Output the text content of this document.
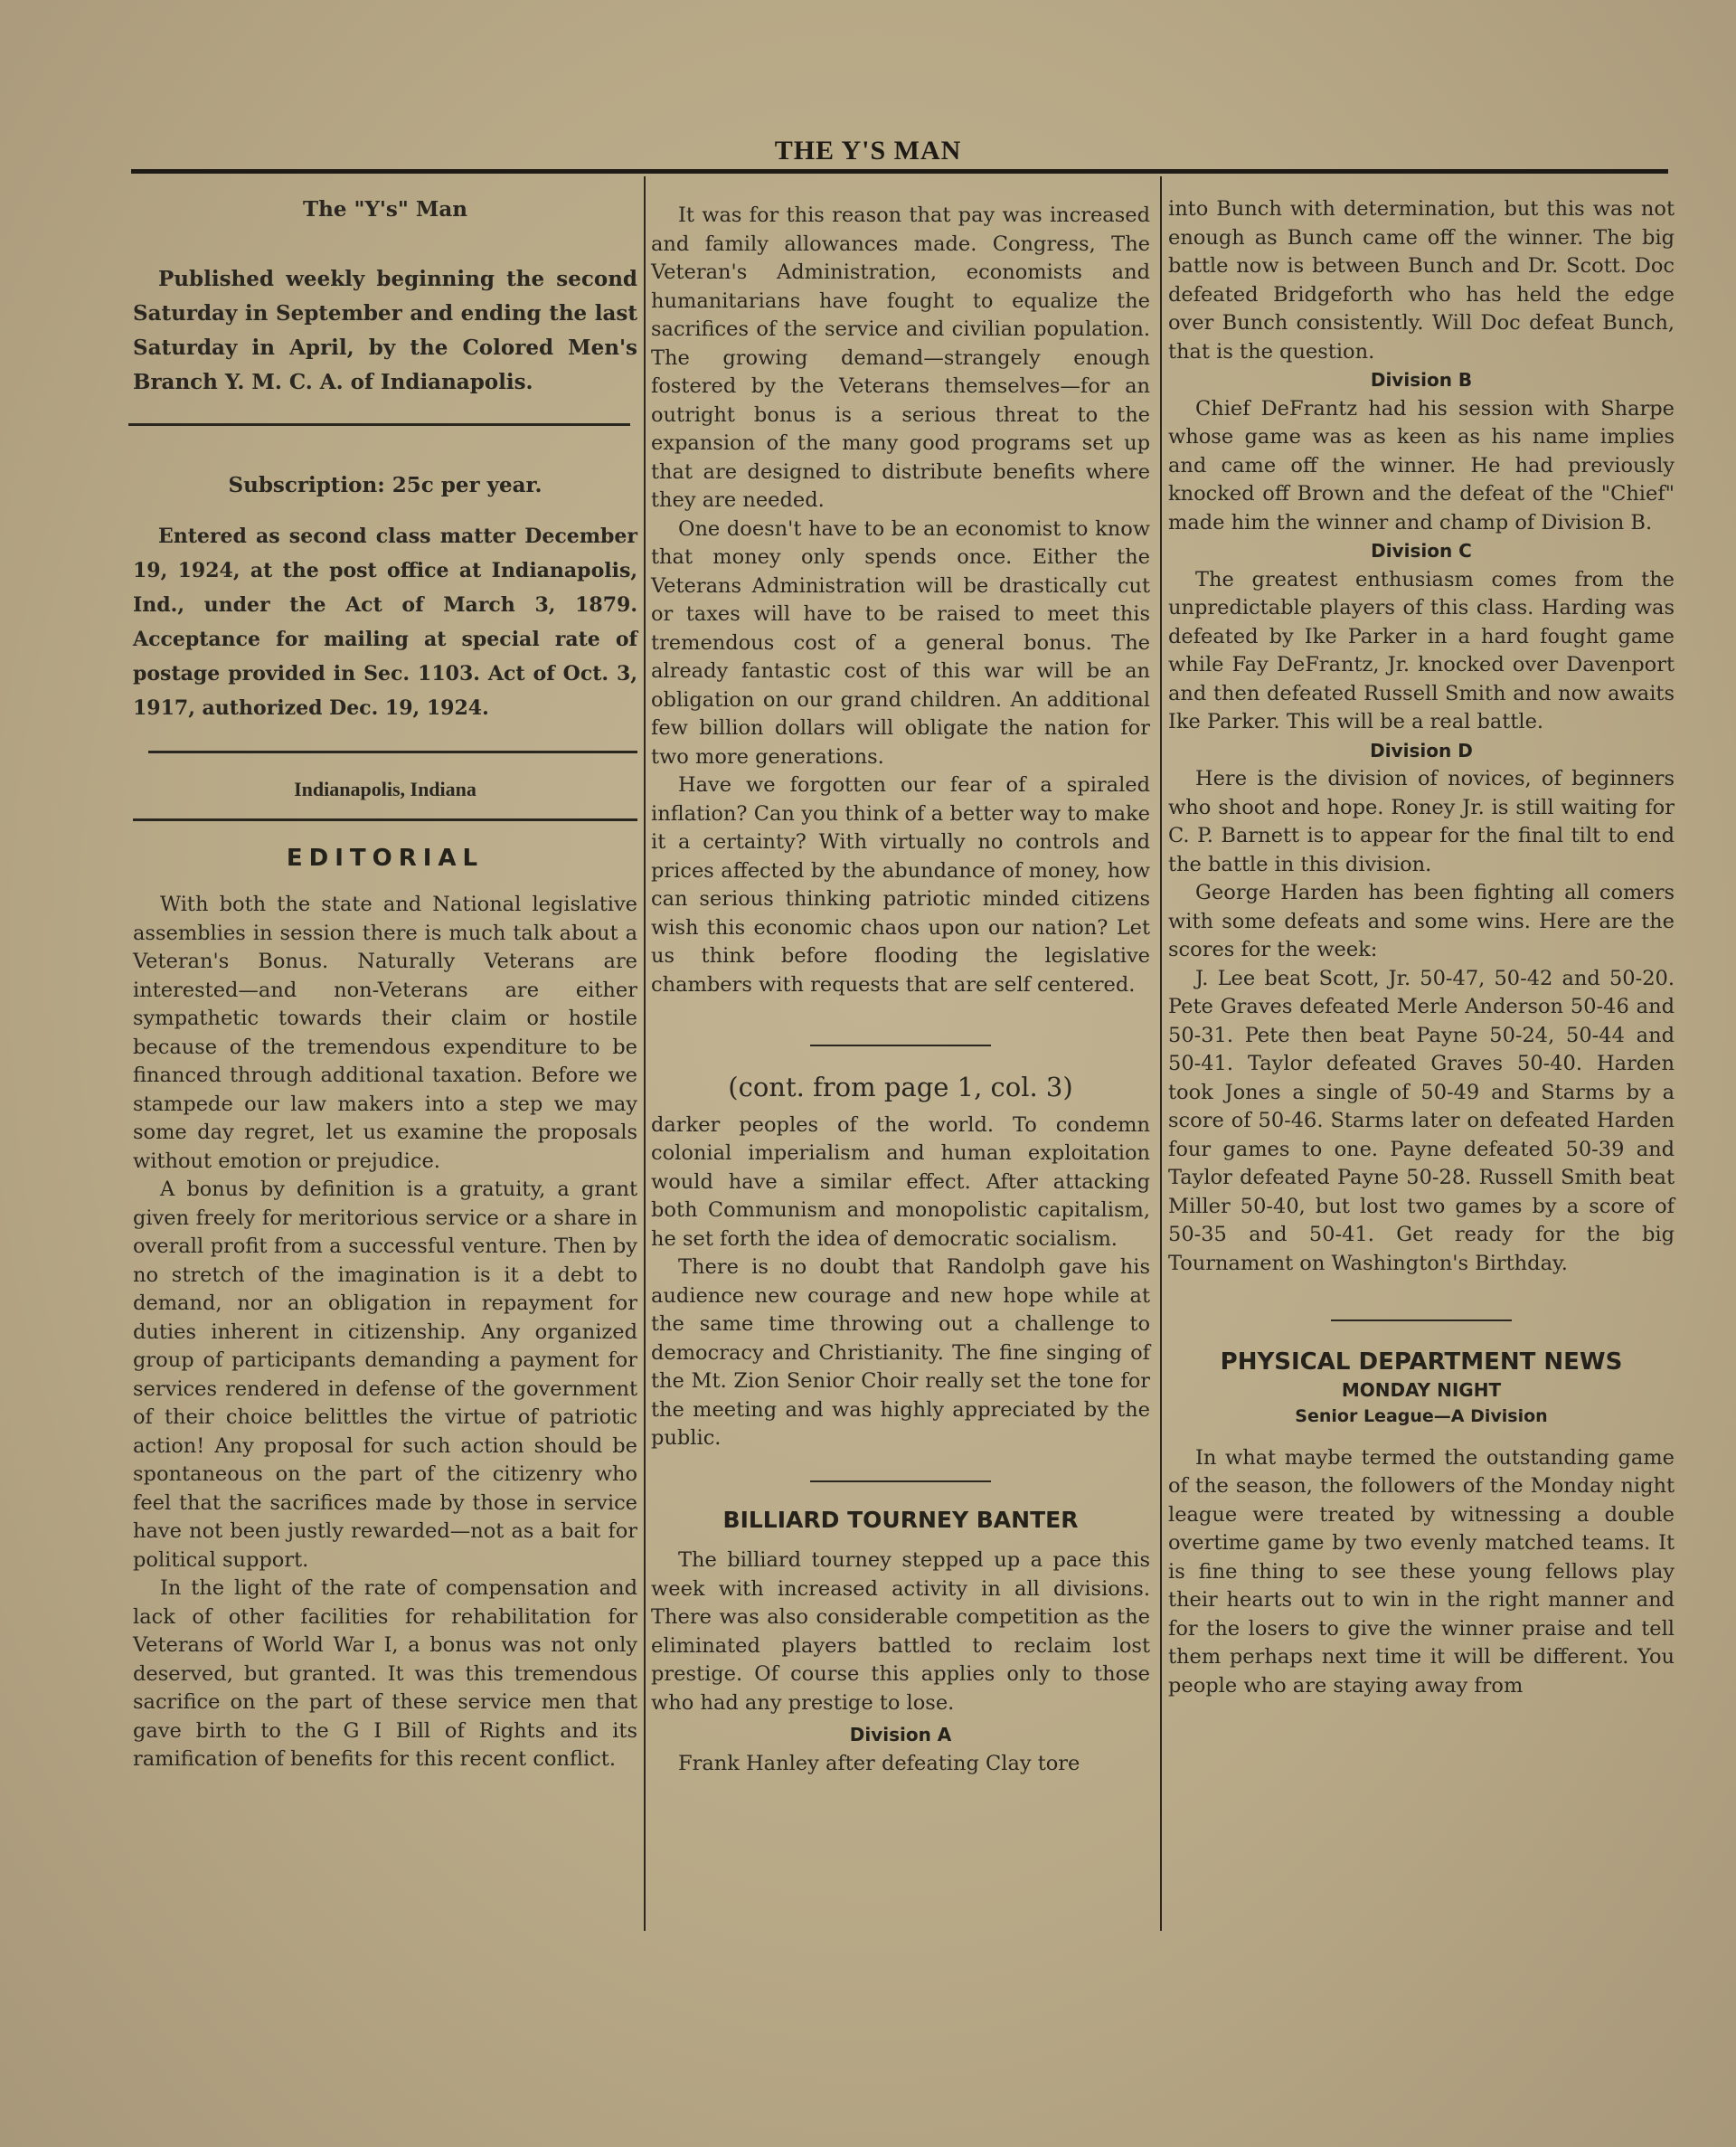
THE Y'S MAN
The "Y's" Man

Published weekly beginning the second Saturday in September and ending the last Saturday in April, by the Colored Men's Branch Y. M. C. A. of Indianapolis.

Subscription: 25c per year.

Entered as second class matter December 19, 1924, at the post office at Indianapolis, Ind., under the Act of March 3, 1879. Acceptance for mailing at special rate of postage provided in Sec. 1103. Act of Oct. 3, 1917, authorized Dec. 19, 1924.

Indianapolis, Indiana
EDITORIAL

With both the state and National legislative assemblies in session there is much talk about a Veteran's Bonus. Naturally Veterans are interested—and non-Veterans are either sympathetic towards their claim or hostile because of the tremendous expenditure to be financed through additional taxation. Before we stampede our law makers into a step we may some day regret, let us examine the proposals without emotion or prejudice.

A bonus by definition is a gratuity, a grant given freely for meritorious service or a share in overall profit from a successful venture. Then by no stretch of the imagination is it a debt to demand, nor an obligation in repayment for duties inherent in citizenship. Any organized group of participants demanding a payment for services rendered in defense of the government of their choice belittles the virtue of patriotic action! Any proposal for such action should be spontaneous on the part of the citizenry who feel that the sacrifices made by those in service have not been justly rewarded—not as a bait for political support.

In the light of the rate of compensation and lack of other facilities for rehabilitation for Veterans of World War I, a bonus was not only deserved, but granted. It was this tremendous sacrifice on the part of these service men that gave birth to the G I Bill of Rights and its ramification of benefits for this recent conflict.

It was for this reason that pay was increased and family allowances made. Congress, The Veteran's Administration, economists and humanitarians have fought to equalize the sacrifices of the service and civilian population. The growing demand—strangely enough fostered by the Veterans themselves—for an outright bonus is a serious threat to the expansion of the many good programs set up that are designed to distribute benefits where they are needed.

One doesn't have to be an economist to know that money only spends once. Either the Veterans Administration will be drastically cut or taxes will have to be raised to meet this tremendous cost of a general bonus. The already fantastic cost of this war will be an obligation on our grand children. An additional few billion dollars will obligate the nation for two more generations.

Have we forgotten our fear of a spiraled inflation? Can you think of a better way to make it a certainty? With virtually no controls and prices affected by the abundance of money, how can serious thinking patriotic minded citizens wish this economic chaos upon our nation? Let us think before flooding the legislative chambers with requests that are self centered.

(cont. from page 1, col. 3)

darker peoples of the world. To condemn colonial imperialism and human exploitation would have a similar effect. After attacking both Communism and monopolistic capitalism, he set forth the idea of democratic socialism.

There is no doubt that Randolph gave his audience new courage and new hope while at the same time throwing out a challenge to democracy and Christianity. The fine singing of the Mt. Zion Senior Choir really set the tone for the meeting and was highly appreciated by the public.

BILLIARD TOURNEY BANTER

The billiard tourney stepped up a pace this week with increased activity in all divisions. There was also considerable competition as the eliminated players battled to reclaim lost prestige. Of course this applies only to those who had any prestige to lose.

Division A

Frank Hanley after defeating Clay tore

into Bunch with determination, but this was not enough as Bunch came off the winner. The big battle now is between Bunch and Dr. Scott. Doc defeated Bridgeforth who has held the edge over Bunch consistently. Will Doc defeat Bunch, that is the question.

Division B

Chief DeFrantz had his session with Sharpe whose game was as keen as his name implies and came off the winner. He had previously knocked off Brown and the defeat of the "Chief" made him the winner and champ of Division B.

Division C

The greatest enthusiasm comes from the unpredictable players of this class. Harding was defeated by Ike Parker in a hard fought game while Fay DeFrantz, Jr. knocked over Davenport and then defeated Russell Smith and now awaits Ike Parker. This will be a real battle.

Division D

Here is the division of novices, of beginners who shoot and hope. Roney Jr. is still waiting for C. P. Barnett is to appear for the final tilt to end the battle in this division.

George Harden has been fighting all comers with some defeats and some wins. Here are the scores for the week:

J. Lee beat Scott, Jr. 50-47, 50-42 and 50-20. Pete Graves defeated Merle Anderson 50-46 and 50-31. Pete then beat Payne 50-24, 50-44 and 50-41. Taylor defeated Graves 50-40. Harden took Jones a single of 50-49 and Starms by a score of 50-46. Starms later on defeated Harden four games to one. Payne defeated 50-39 and Taylor defeated Payne 50-28. Russell Smith beat Miller 50-40, but lost two games by a score of 50-35 and 50-41. Get ready for the big Tournament on Washington's Birthday.

PHYSICAL DEPARTMENT NEWS
MONDAY NIGHT
Senior League—A Division

In what maybe termed the outstanding game of the season, the followers of the Monday night league were treated by witnessing a double overtime game by two evenly matched teams. It is fine thing to see these young fellows play their hearts out to win in the right manner and for the losers to give the winner praise and tell them perhaps next time it will be different. You people who are staying away from
